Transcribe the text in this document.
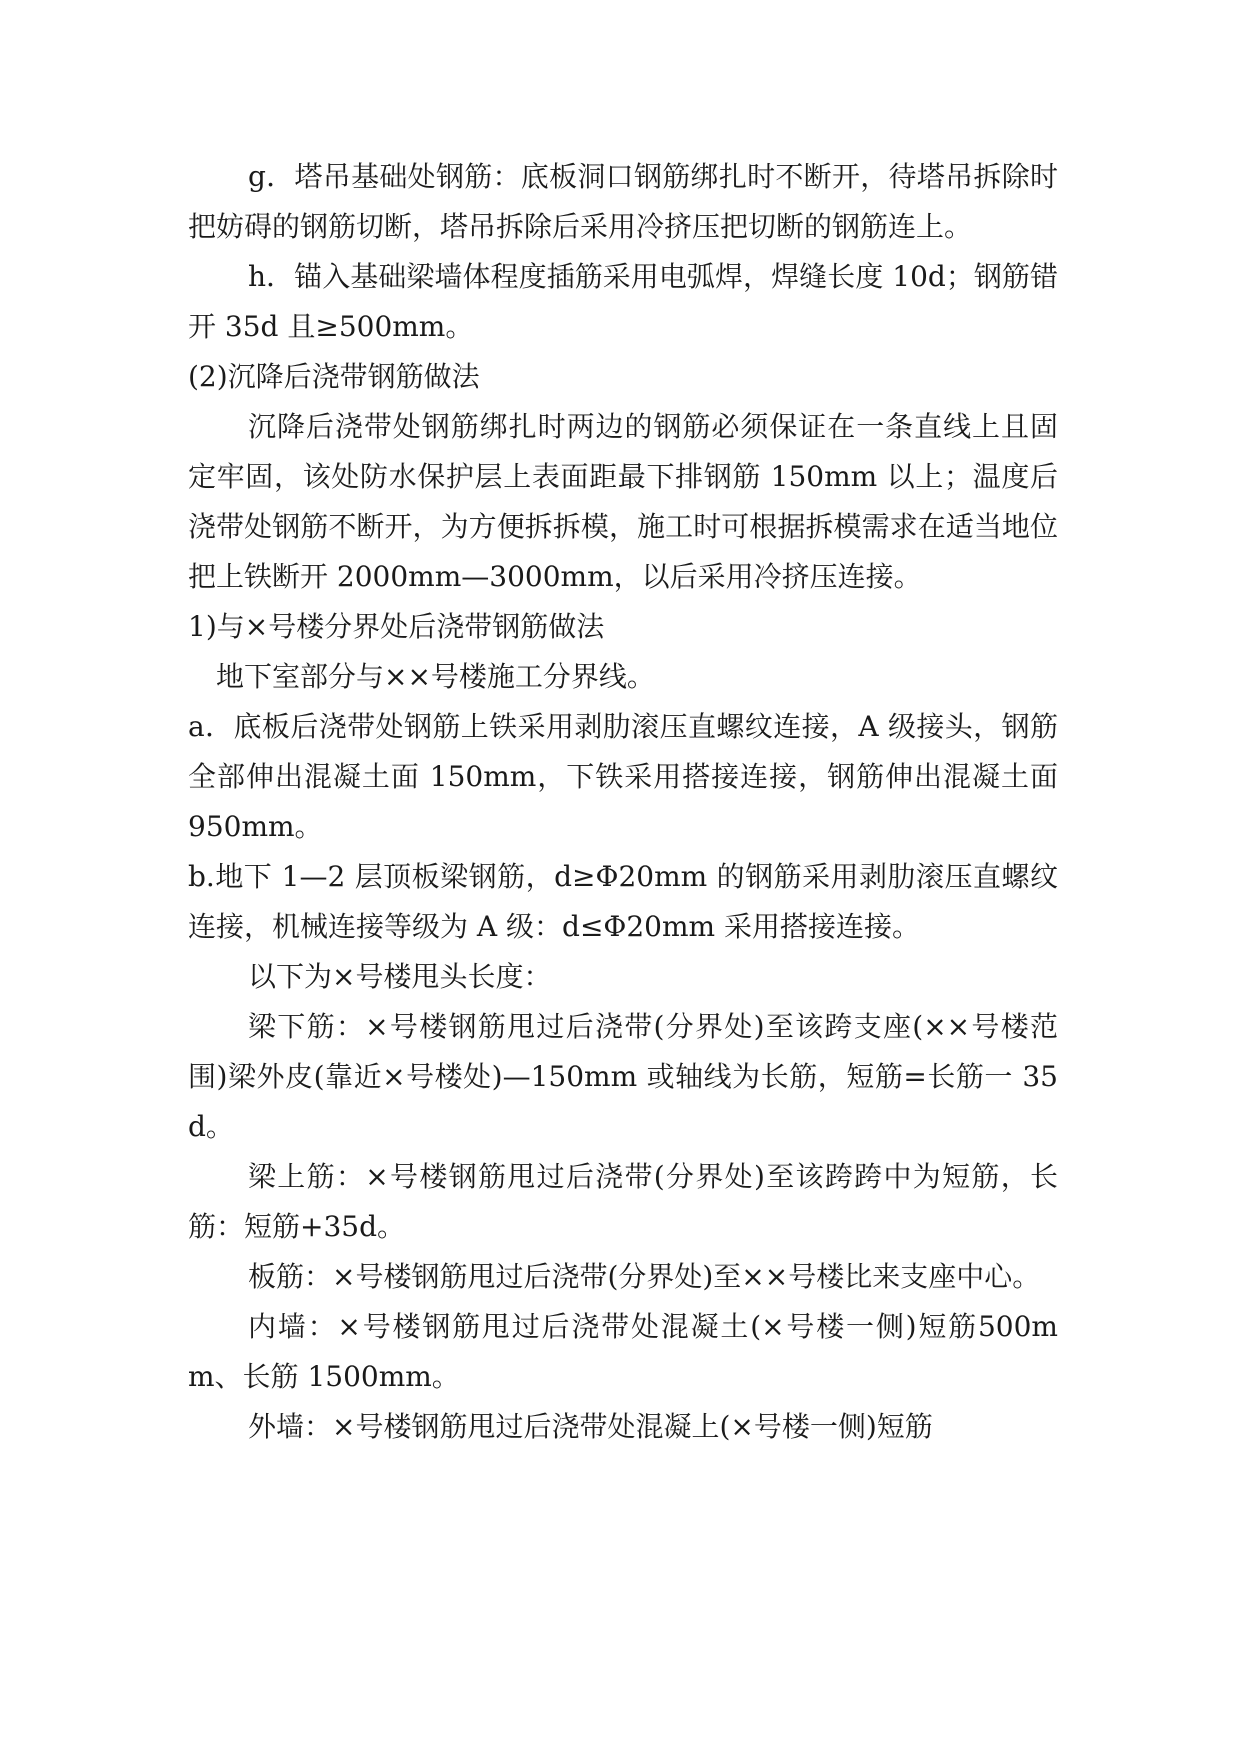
g．塔吊基础处钢筋：底板洞口钢筋绑扎时不断开，待塔吊拆除时把妨碍的钢筋切断，塔吊拆除后采用冷挤压把切断的钢筋连上。

h．锚入基础梁墙体程度插筋采用电弧焊，焊缝长度 10d；钢筋错开 35d 且≥500mm。

(2)沉降后浇带钢筋做法

沉降后浇带处钢筋绑扎时两边的钢筋必须保证在一条直线上且固定牢固，该处防水保护层上表面距最下排钢筋 150mm 以上；温度后浇带处钢筋不断开，为方便拆拆模，施工时可根据拆模需求在适当地位把上铁断开 2000mm—3000mm，以后采用冷挤压连接。

1)与×号楼分界处后浇带钢筋做法

地下室部分与××号楼施工分界线。

a．底板后浇带处钢筋上铁采用剥肋滚压直螺纹连接，A 级接头，钢筋全部伸出混凝土面 150mm，下铁采用搭接连接，钢筋伸出混凝土面 950mm。

b.地下 1—2 层顶板梁钢筋，d≥Φ20mm 的钢筋采用剥肋滚压直螺纹连接，机械连接等级为 A 级：d≤Φ20mm 采用搭接连接。

以下为×号楼甩头长度：

梁下筋：×号楼钢筋甩过后浇带(分界处)至该跨支座(××号楼范围)梁外皮(靠近×号楼处)—150mm 或轴线为长筋，短筋=长筋一 35d。

梁上筋：×号楼钢筋甩过后浇带(分界处)至该跨跨中为短筋，长筋：短筋+35d。

板筋：×号楼钢筋甩过后浇带(分界处)至××号楼比来支座中心。

内墙：×号楼钢筋甩过后浇带处混凝土(×号楼一侧)短筋500mm、长筋 1500mm。

外墙：×号楼钢筋甩过后浇带处混凝上(×号楼一侧)短筋
